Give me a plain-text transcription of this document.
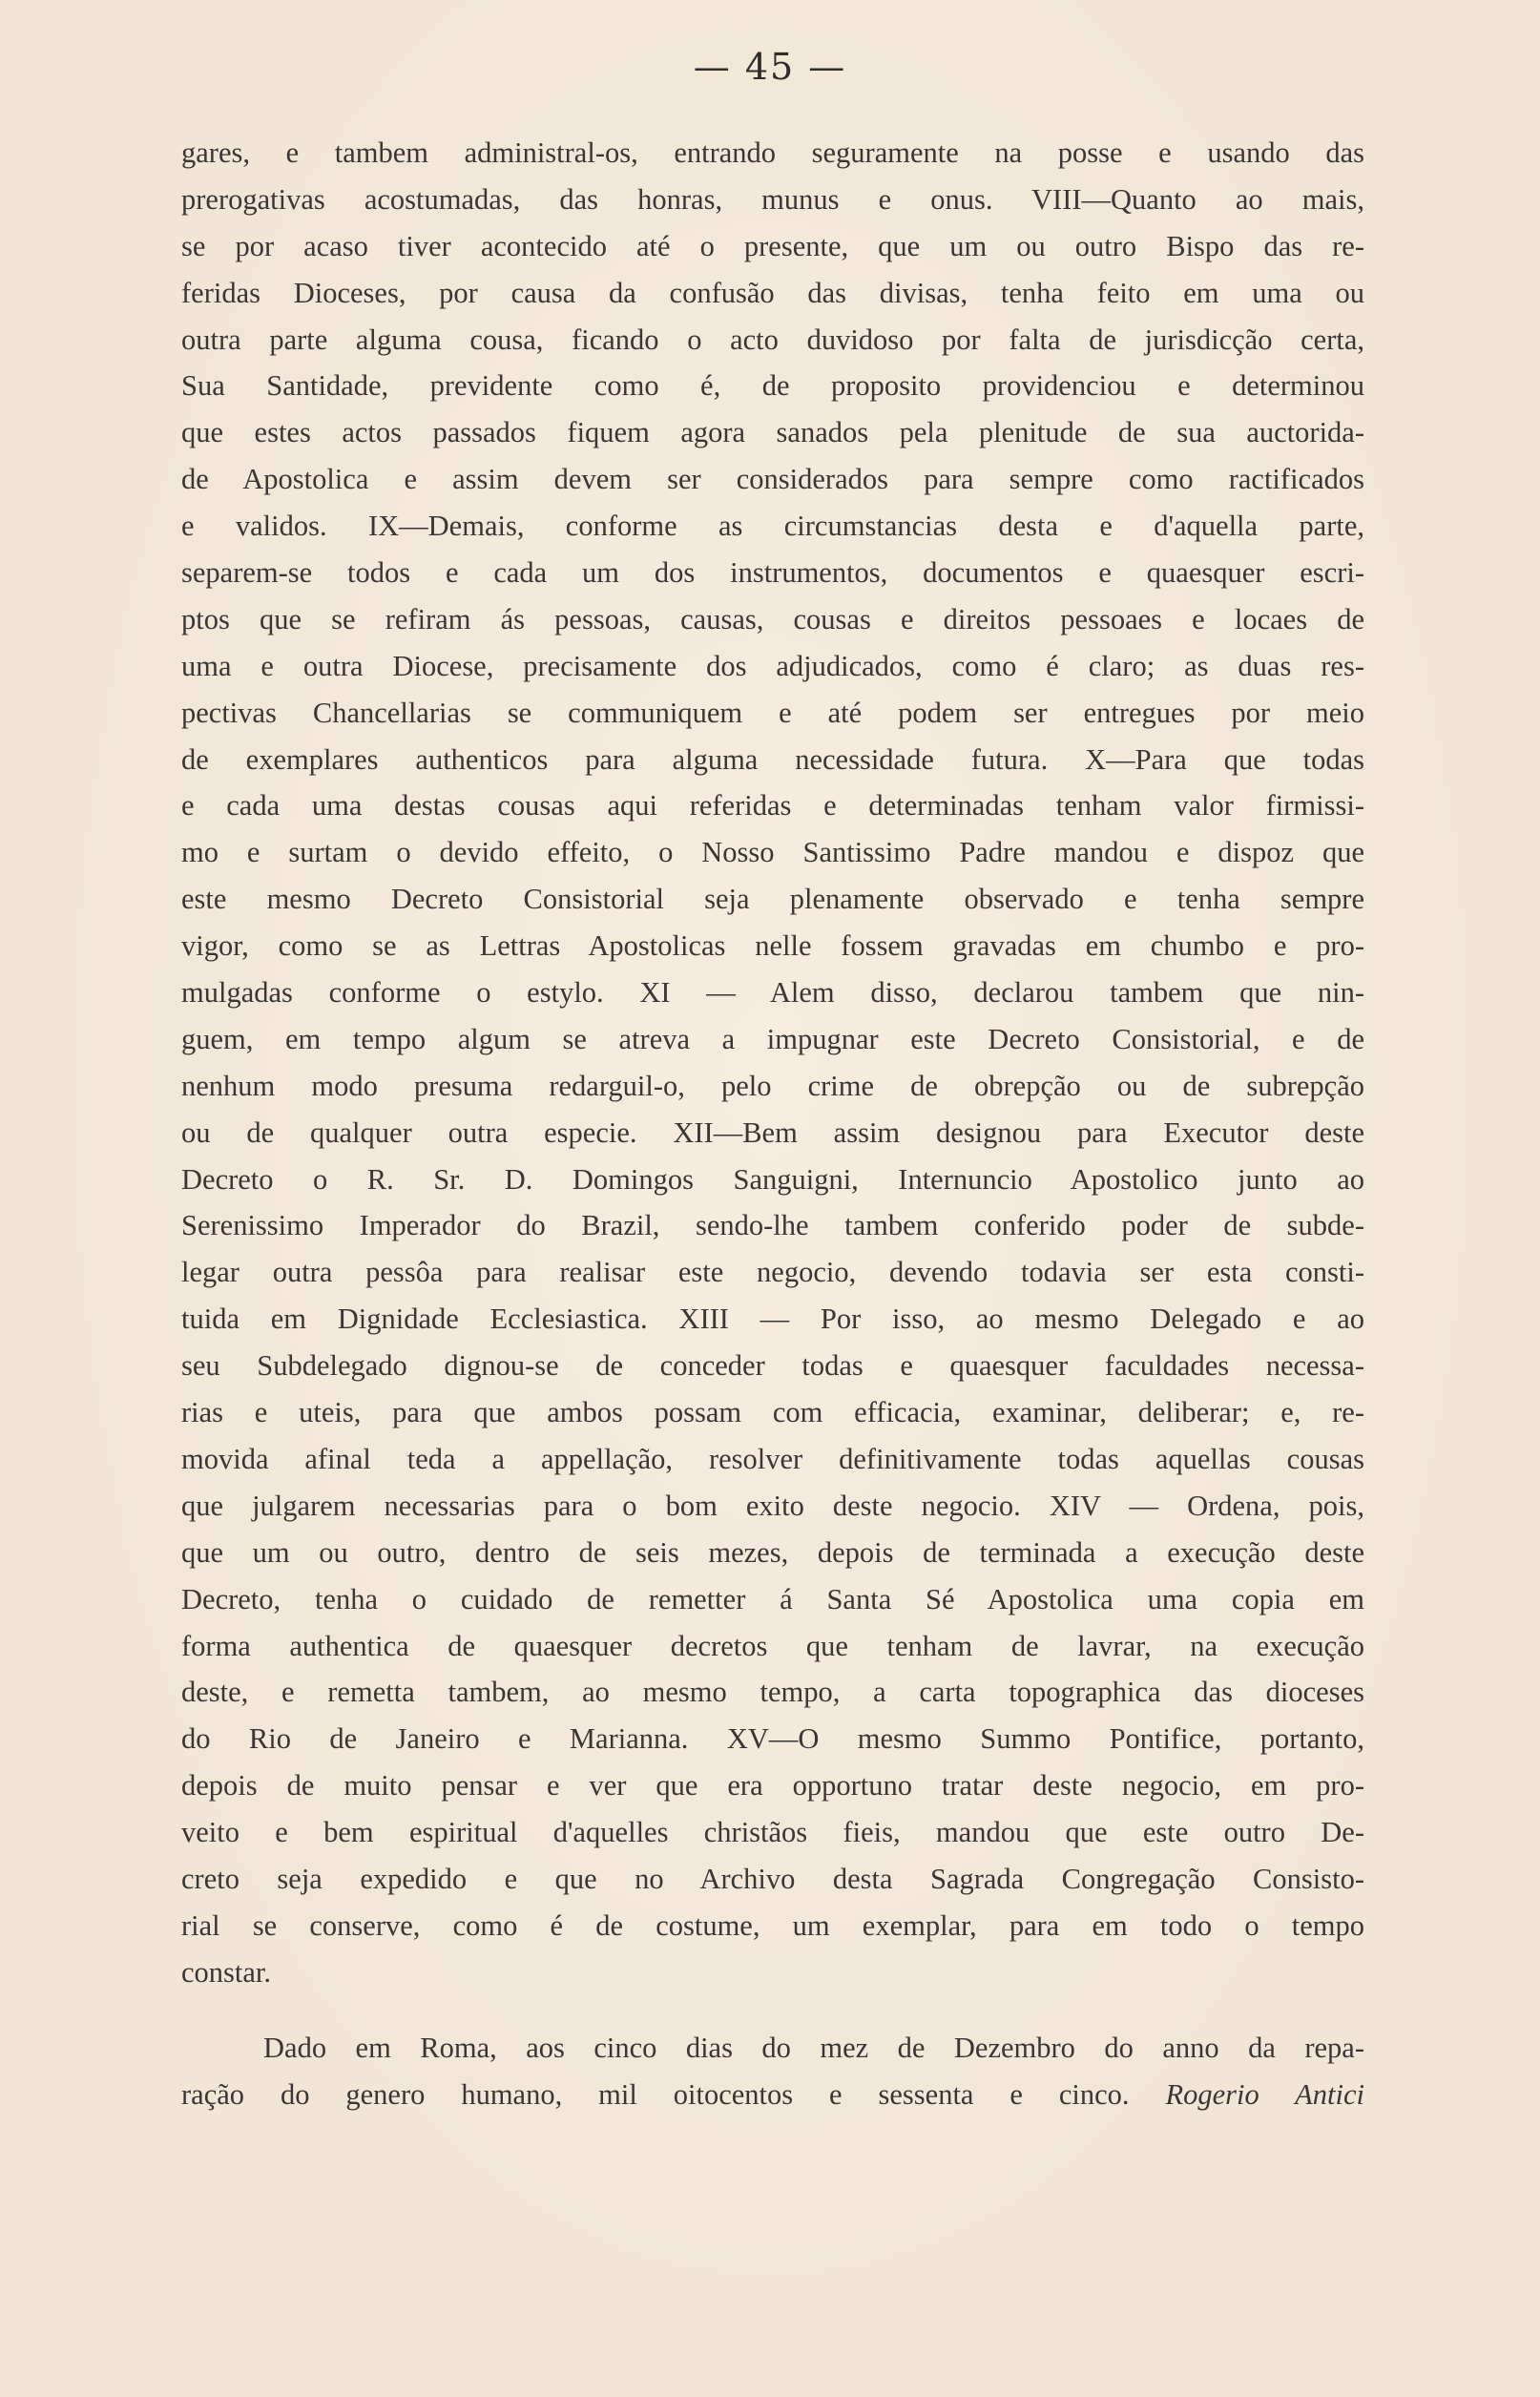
— 45 —
gares, e tambem administral-os, entrando seguramente na posse e usando das
prerogativas acostumadas, das honras, munus e onus. VIII—Quanto ao mais,
se por acaso tiver acontecido até o presente, que um ou outro Bispo das re-
feridas Dioceses, por causa da confusão das divisas, tenha feito em uma ou
outra parte alguma cousa, ficando o acto duvidoso por falta de jurisdicção certa,
Sua Santidade, previdente como é, de proposito providenciou e determinou
que estes actos passados fiquem agora sanados pela plenitude de sua auctorida-
de Apostolica e assim devem ser considerados para sempre como ractificados
e validos. IX—Demais, conforme as circumstancias desta e d'aquella parte,
separem-se todos e cada um dos instrumentos, documentos e quaesquer escri-
ptos que se refiram ás pessoas, causas, cousas e direitos pessoaes e locaes de
uma e outra Diocese, precisamente dos adjudicados, como é claro; as duas res-
pectivas Chancellarias se communiquem e até podem ser entregues por meio
de exemplares authenticos para alguma necessidade futura. X—Para que todas
e cada uma destas cousas aqui referidas e determinadas tenham valor firmissi-
mo e surtam o devido effeito, o Nosso Santissimo Padre mandou e dispoz que
este mesmo Decreto Consistorial seja plenamente observado e tenha sempre
vigor, como se as Lettras Apostolicas nelle fossem gravadas em chumbo e pro-
mulgadas conforme o estylo. XI — Alem disso, declarou tambem que nin-
guem, em tempo algum se atreva a impugnar este Decreto Consistorial, e de
nenhum modo presuma redarguil-o, pelo crime de obrepção ou de subrepção
ou de qualquer outra especie. XII—Bem assim designou para Executor deste
Decreto o R. Sr. D. Domingos Sanguigni, Internuncio Apostolico junto ao
Serenissimo Imperador do Brazil, sendo-lhe tambem conferido poder de subde-
legar outra pessôa para realisar este negocio, devendo todavia ser esta consti-
tuida em Dignidade Ecclesiastica. XIII — Por isso, ao mesmo Delegado e ao
seu Subdelegado dignou-se de conceder todas e quaesquer faculdades necessa-
rias e uteis, para que ambos possam com efficacia, examinar, deliberar; e, re-
movida afinal teda a appellação, resolver definitivamente todas aquellas cousas
que julgarem necessarias para o bom exito deste negocio. XIV — Ordena, pois,
que um ou outro, dentro de seis mezes, depois de terminada a execução deste
Decreto, tenha o cuidado de remetter á Santa Sé Apostolica uma copia em
forma authentica de quaesquer decretos que tenham de lavrar, na execução
deste, e remetta tambem, ao mesmo tempo, a carta topographica das dioceses
do Rio de Janeiro e Marianna. XV—O mesmo Summo Pontifice, portanto,
depois de muito pensar e ver que era opportuno tratar deste negocio, em pro-
veito e bem espiritual d'aquelles christãos fieis, mandou que este outro De-
creto seja expedido e que no Archivo desta Sagrada Congregação Consisto-
rial se conserve, como é de costume, um exemplar, para em todo o tempo
constar.
Dado em Roma, aos cinco dias do mez de Dezembro do anno da repa-
ração do genero humano, mil oitocentos e sessenta e cinco. Rogerio Antici
